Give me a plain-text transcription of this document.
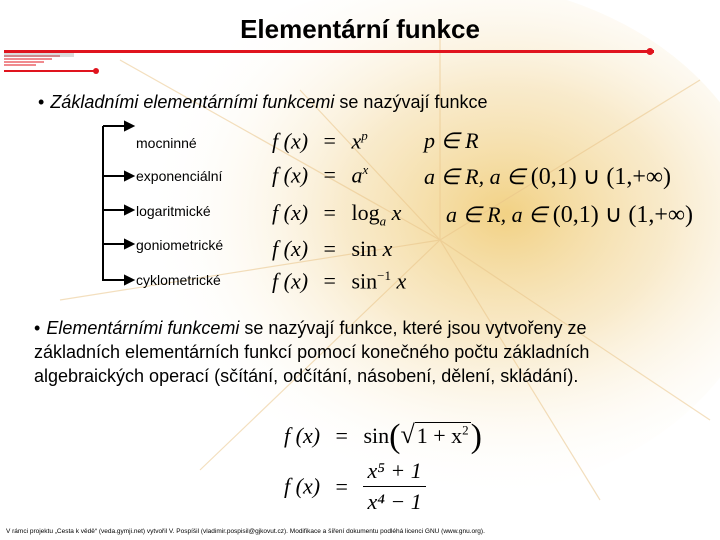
Elementární funkce
• Základními elementárními funkcemi se nazývají funkce
mocninné
exponenciální
logaritmické
goniometrické
cyklometrické
f $(x) = x^p$	p ∈ R
f $(x) = a^x$	a ∈ R, a ∈ (0,1) ∪ (1,+∞)
f $(x) = \log_a x$ a ∈ R, a ∈ (0,1) ∪ (1,+∞)
f (x) = sin x
f $(x) = \sin^{-1} x$
• Elementárními funkcemi se nazývají funkce, které jsou vytvořeny ze základních elementárních funkcí pomocí konečného počtu základních algebraických operací (sčítání, odčítání, násobení, dělení, skládání).
f $(x) = \sin(√1 + x^2)$
f $(x) = \frac{\text{x⁵ + 1}}{\text{x⁴ − 1}}$
V rámci projektu „Cesta k vědě“ (veda.gymji.net) vytvořil V. Pospíšil (vladimir.pospisil@gjkovut.cz). Modifikace a šíření dokumentu podléhá licenci GNU (www.gnu.org).
